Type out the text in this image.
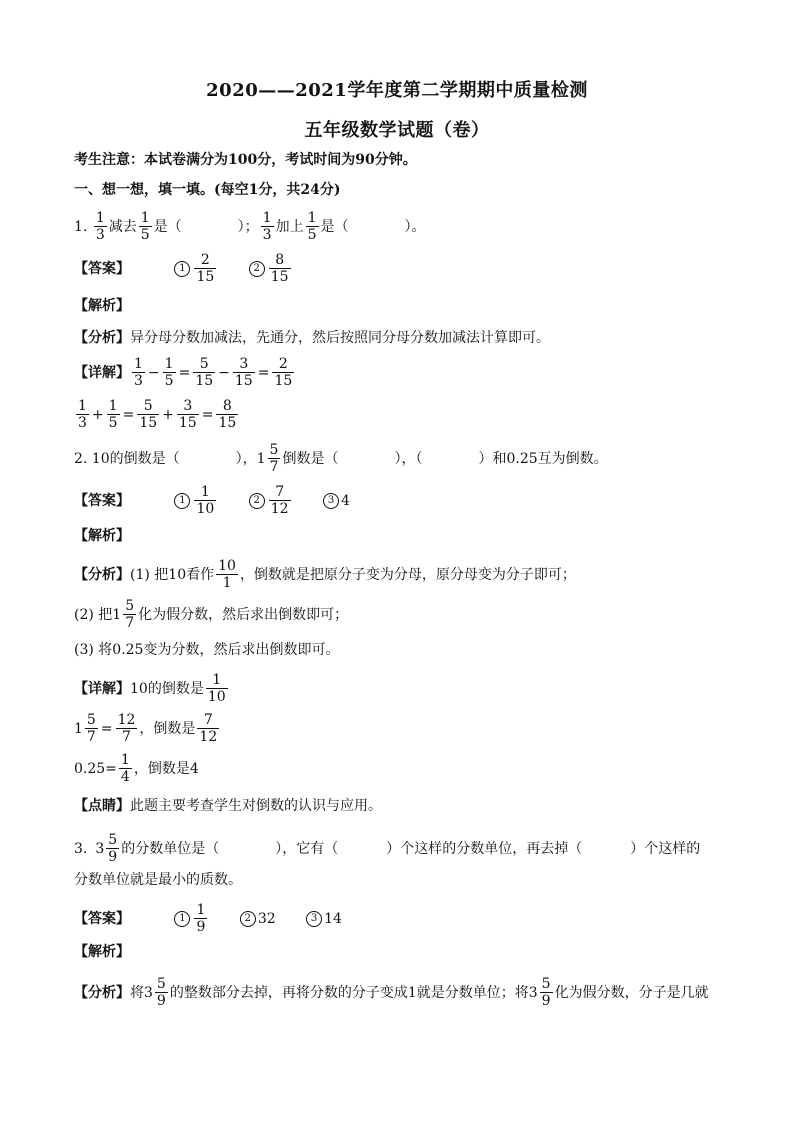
2020——2021学年度第二学期期中质量检测
五年级数学试题（卷）
考生注意：本试卷满分为100分，考试时间为90分钟。
一、想一想，填一填。(每空1分，共24分)
1. $\frac{1}{3}$ 减去 $\frac{1}{5}$ 是（	）； $\frac{1}{3}$ 加上 $\frac{1}{5}$ 是（	）。
【答案】	$1 \frac{2}{15}$	$2 \frac{8}{15}$
【解析】
【分析】异分母分数加减法，先通分，然后按照同分母分数加减法计算即可。
【详解】 $\frac{1}{3} - \frac{1}{5} = \frac{5}{15} - \frac{3}{15} = \frac{2}{15}$
$\frac{1}{3} + \frac{1}{5} = \frac{5}{15} + \frac{3}{15} = \frac{8}{15}$
2. 10的倒数是（	），$1 \frac{5}{7}$ 倒数是（	），（	）和0.25互为倒数。
【答案】	$1 \frac{1}{10}$	$2 \frac{7}{12}$	3 4
【解析】
【分析】(1) 把10看作 $\frac{10}{1}$ ，倒数就是把原分子变为分母，原分母变为分子即可；
(2) 把$1 \frac{5}{7}$ 化为假分数，然后求出倒数即可；
(3) 将0.25变为分数，然后求出倒数即可。
【详解】10的倒数是 $\frac{1}{10}$
$1 \frac{5}{7} = \frac{12}{7}$ ，倒数是 $\frac{7}{12}$
$0.25= \frac{1}{4}$ ，倒数是4
【点睛】此题主要考查学生对倒数的认识与应用。
3. $3 \frac{5}{9}$ 的分数单位是（	），它有（	）个这样的分数单位，再去掉（	）个这样的
分数单位就是最小的质数。
【答案】	$1 \frac{1}{9}$	2 32	3 14
【解析】
【分析】将$3 \frac{5}{9}$ 的整数部分去掉，再将分数的分子变成1就是分数单位；将$3 \frac{5}{9}$ 化为假分数，分子是几就
